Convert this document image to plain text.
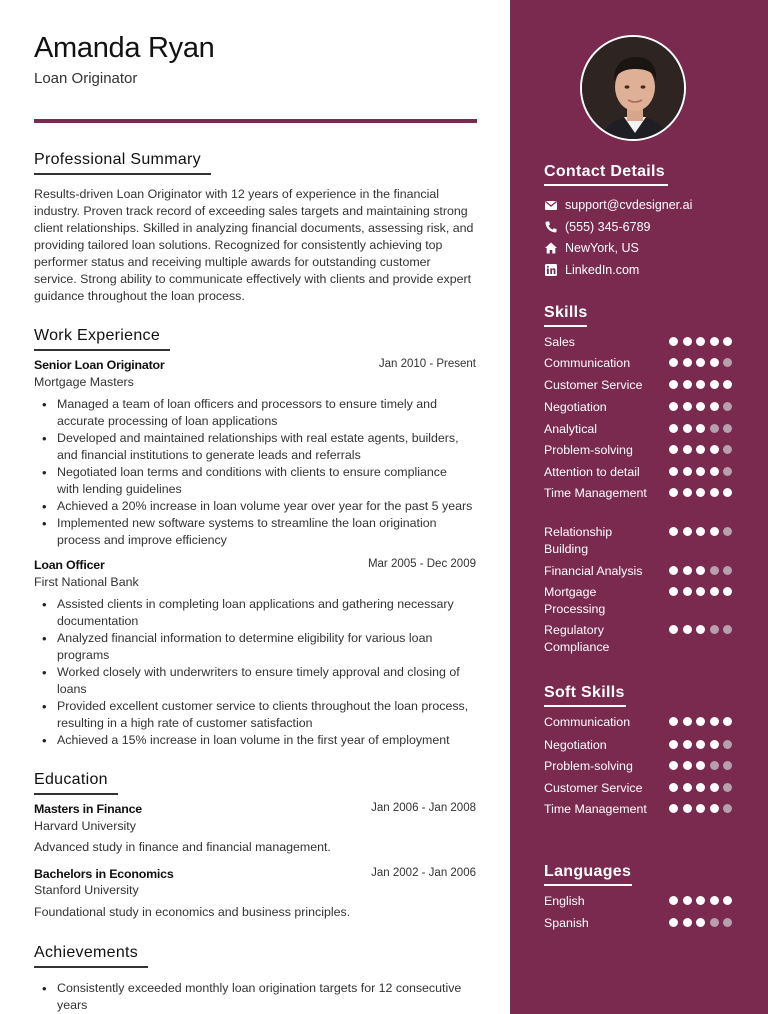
Amanda Ryan
Loan Originator
Professional Summary
Results-driven Loan Originator with 12 years of experience in the financial
industry. Proven track record of exceeding sales targets and maintaining strong
client relationships. Skilled in analyzing financial documents, assessing risk, and
providing tailored loan solutions. Recognized for consistently achieving top
performer status and receiving multiple awards for outstanding customer
service. Strong ability to communicate effectively with clients and provide expert
guidance throughout the loan process.
Work Experience
Senior Loan Originator	Jan 2010 - Present
Mortgage Masters
• Managed a team of loan officers and processors to ensure timely and
accurate processing of loan applications
• Developed and maintained relationships with real estate agents, builders,
and financial institutions to generate leads and referrals
• Negotiated loan terms and conditions with clients to ensure compliance
with lending guidelines
• Achieved a 20% increase in loan volume year over year for the past 5 years
• Implemented new software systems to streamline the loan origination
process and improve efficiency
Loan Officer	Mar 2005 - Dec 2009
First National Bank
• Assisted clients in completing loan applications and gathering necessary
documentation
• Analyzed financial information to determine eligibility for various loan
programs
• Worked closely with underwriters to ensure timely approval and closing of
loans
• Provided excellent customer service to clients throughout the loan process,
resulting in a high rate of customer satisfaction
• Achieved a 15% increase in loan volume in the first year of employment
Education
Masters in Finance	Jan 2006 - Jan 2008
Harvard University
Advanced study in finance and financial management.
Bachelors in Economics	Jan 2002 - Jan 2006
Stanford University
Foundational study in economics and business principles.
Achievements
• Consistently exceeded monthly loan origination targets for 12 consecutive
years
Contact Details
support@cvdesigner.ai
(555) 345-6789
NewYork, US
LinkedIn.com
Skills
Sales
Communication
Customer Service
Negotiation
Analytical
Problem-solving
Attention to detail
Time Management
Relationship
Building
Financial Analysis
Mortgage
Processing
Regulatory
Compliance
Soft Skills
Communication
Negotiation
Problem-solving
Customer Service
Time Management
Languages
English
Spanish
